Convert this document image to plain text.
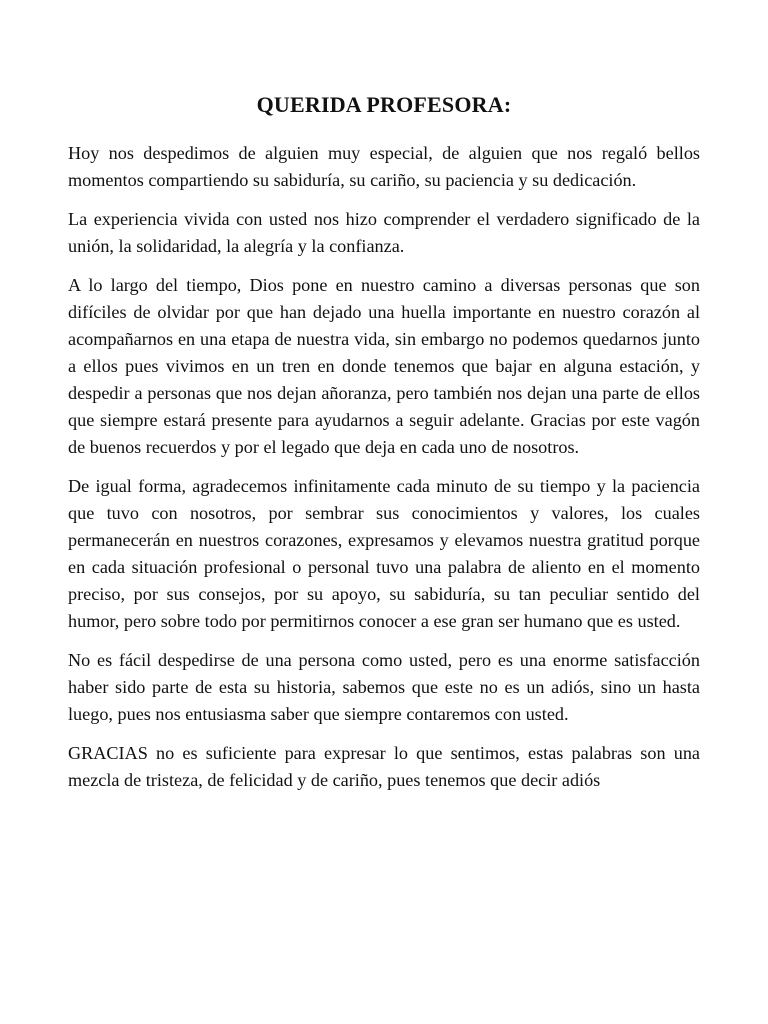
QUERIDA PROFESORA:

Hoy nos despedimos de alguien muy especial, de alguien que nos regaló bellos momentos compartiendo su sabiduría, su cariño, su paciencia y su dedicación.

La experiencia vivida con usted nos hizo comprender el verdadero significado de la unión, la solidaridad, la alegría y la confianza.

A lo largo del tiempo, Dios pone en nuestro camino a diversas personas que son difíciles de olvidar por que han dejado una huella importante en nuestro corazón al acompañarnos en una etapa de nuestra vida, sin embargo no podemos quedarnos junto a ellos pues vivimos en un tren en donde tenemos que bajar en alguna estación, y despedir a personas que nos dejan añoranza, pero también nos dejan una parte de ellos que siempre estará presente para ayudarnos a seguir adelante. Gracias por este vagón de buenos recuerdos y por el legado que deja en cada uno de nosotros.

De igual forma, agradecemos infinitamente cada minuto de su tiempo y la paciencia que tuvo con nosotros, por sembrar sus conocimientos y valores, los cuales permanecerán en nuestros corazones, expresamos y elevamos nuestra gratitud porque en cada situación profesional o personal tuvo una palabra de aliento en el momento preciso, por sus consejos, por su apoyo, su sabiduría, su tan peculiar sentido del humor, pero sobre todo por permitirnos conocer a ese gran ser humano que es usted.

No es fácil despedirse de una persona como usted, pero es una enorme satisfacción haber sido parte de esta su historia, sabemos que este no es un adiós, sino un hasta luego, pues nos entusiasma saber que siempre contaremos con usted.

GRACIAS no es suficiente para expresar lo que sentimos, estas palabras son una mezcla de tristeza, de felicidad y de cariño, pues tenemos que decir adiós
